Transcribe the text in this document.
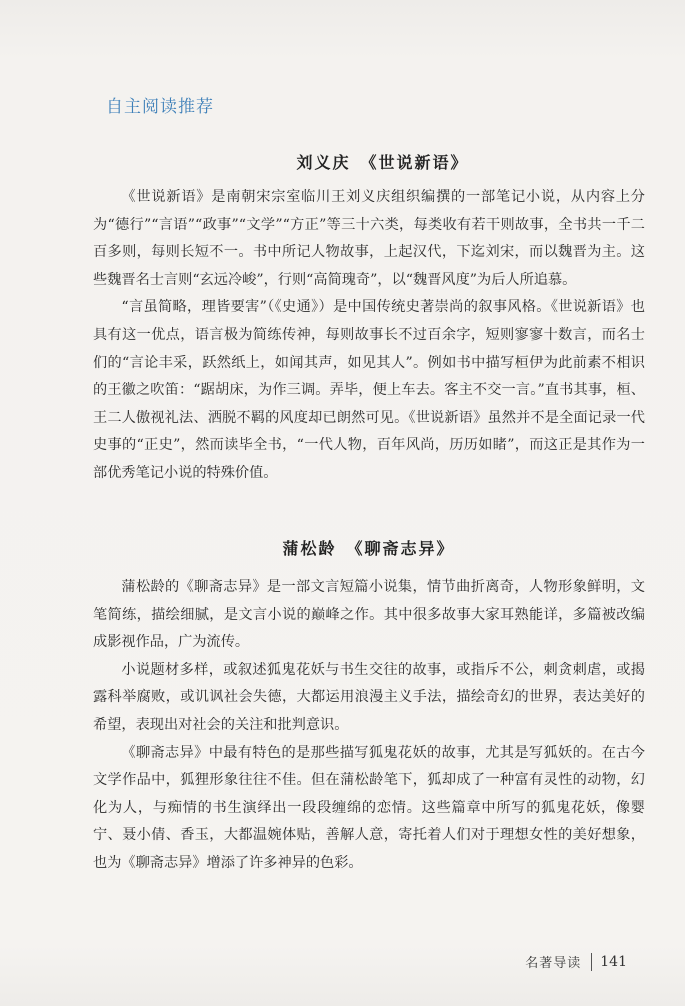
自主阅读推荐
刘义庆 《世说新语》

《世说新语》是南朝宋宗室临川王刘义庆组织编撰的一部笔记小说，从内容上分为“德行”“言语”“政事”“文学”“方正”等三十六类，每类收有若干则故事，全书共一千二百多则，每则长短不一。书中所记人物故事，上起汉代，下迄刘宋，而以魏晋为主。这些魏晋名士言则“玄远冷峻”，行则“高简瑰奇”，以“魏晋风度”为后人所追慕。

“言虽简略，理皆要害”（《史通》）是中国传统史著崇尚的叙事风格。《世说新语》也具有这一优点，语言极为简练传神，每则故事长不过百余字，短则寥寥十数言，而名士们的“言论丰采，跃然纸上，如闻其声，如见其人”。例如书中描写桓伊为此前素不相识的王徽之吹笛：“踞胡床，为作三调。弄毕，便上车去。客主不交一言。”直书其事，桓、王二人傲视礼法、洒脱不羁的风度却已朗然可见。《世说新语》虽然并不是全面记录一代史事的“正史”，然而读毕全书，“一代人物，百年风尚，历历如睹”，而这正是其作为一部优秀笔记小说的特殊价值。

蒲松龄 《聊斋志异》

蒲松龄的《聊斋志异》是一部文言短篇小说集，情节曲折离奇，人物形象鲜明，文笔简练，描绘细腻，是文言小说的巅峰之作。其中很多故事大家耳熟能详，多篇被改编成影视作品，广为流传。

小说题材多样，或叙述狐鬼花妖与书生交往的故事，或指斥不公，刺贪刺虐，或揭露科举腐败，或讥讽社会失德，大都运用浪漫主义手法，描绘奇幻的世界，表达美好的希望，表现出对社会的关注和批判意识。

《聊斋志异》中最有特色的是那些描写狐鬼花妖的故事，尤其是写狐妖的。在古今文学作品中，狐狸形象往往不佳。但在蒲松龄笔下，狐却成了一种富有灵性的动物，幻化为人，与痴情的书生演绎出一段段缠绵的恋情。这些篇章中所写的狐鬼花妖，像婴宁、聂小倩、香玉，大都温婉体贴，善解人意，寄托着人们对于理想女性的美好想象，也为《聊斋志异》增添了许多神异的色彩。

名著导读 141
